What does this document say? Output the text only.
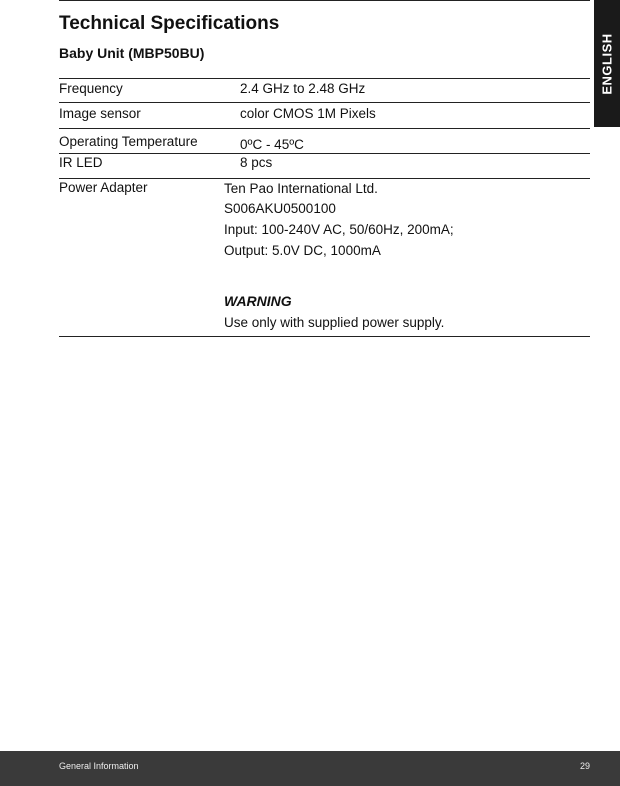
ENGLISH
Technical Specifications
Baby Unit (MBP50BU)
Frequency	2.4 GHz to 2.48 GHz
Image sensor	color CMOS 1M Pixels
Operating Temperature	0ºC - 45ºC
IR LED	8 pcs
Power Adapter	Ten Pao International Ltd.
S006AKU0500100
Input: 100-240V AC, 50/60Hz, 200mA;
Output: 5.0V DC, 1000mA
WARNING
Use only with supplied power supply.
General Information	29
